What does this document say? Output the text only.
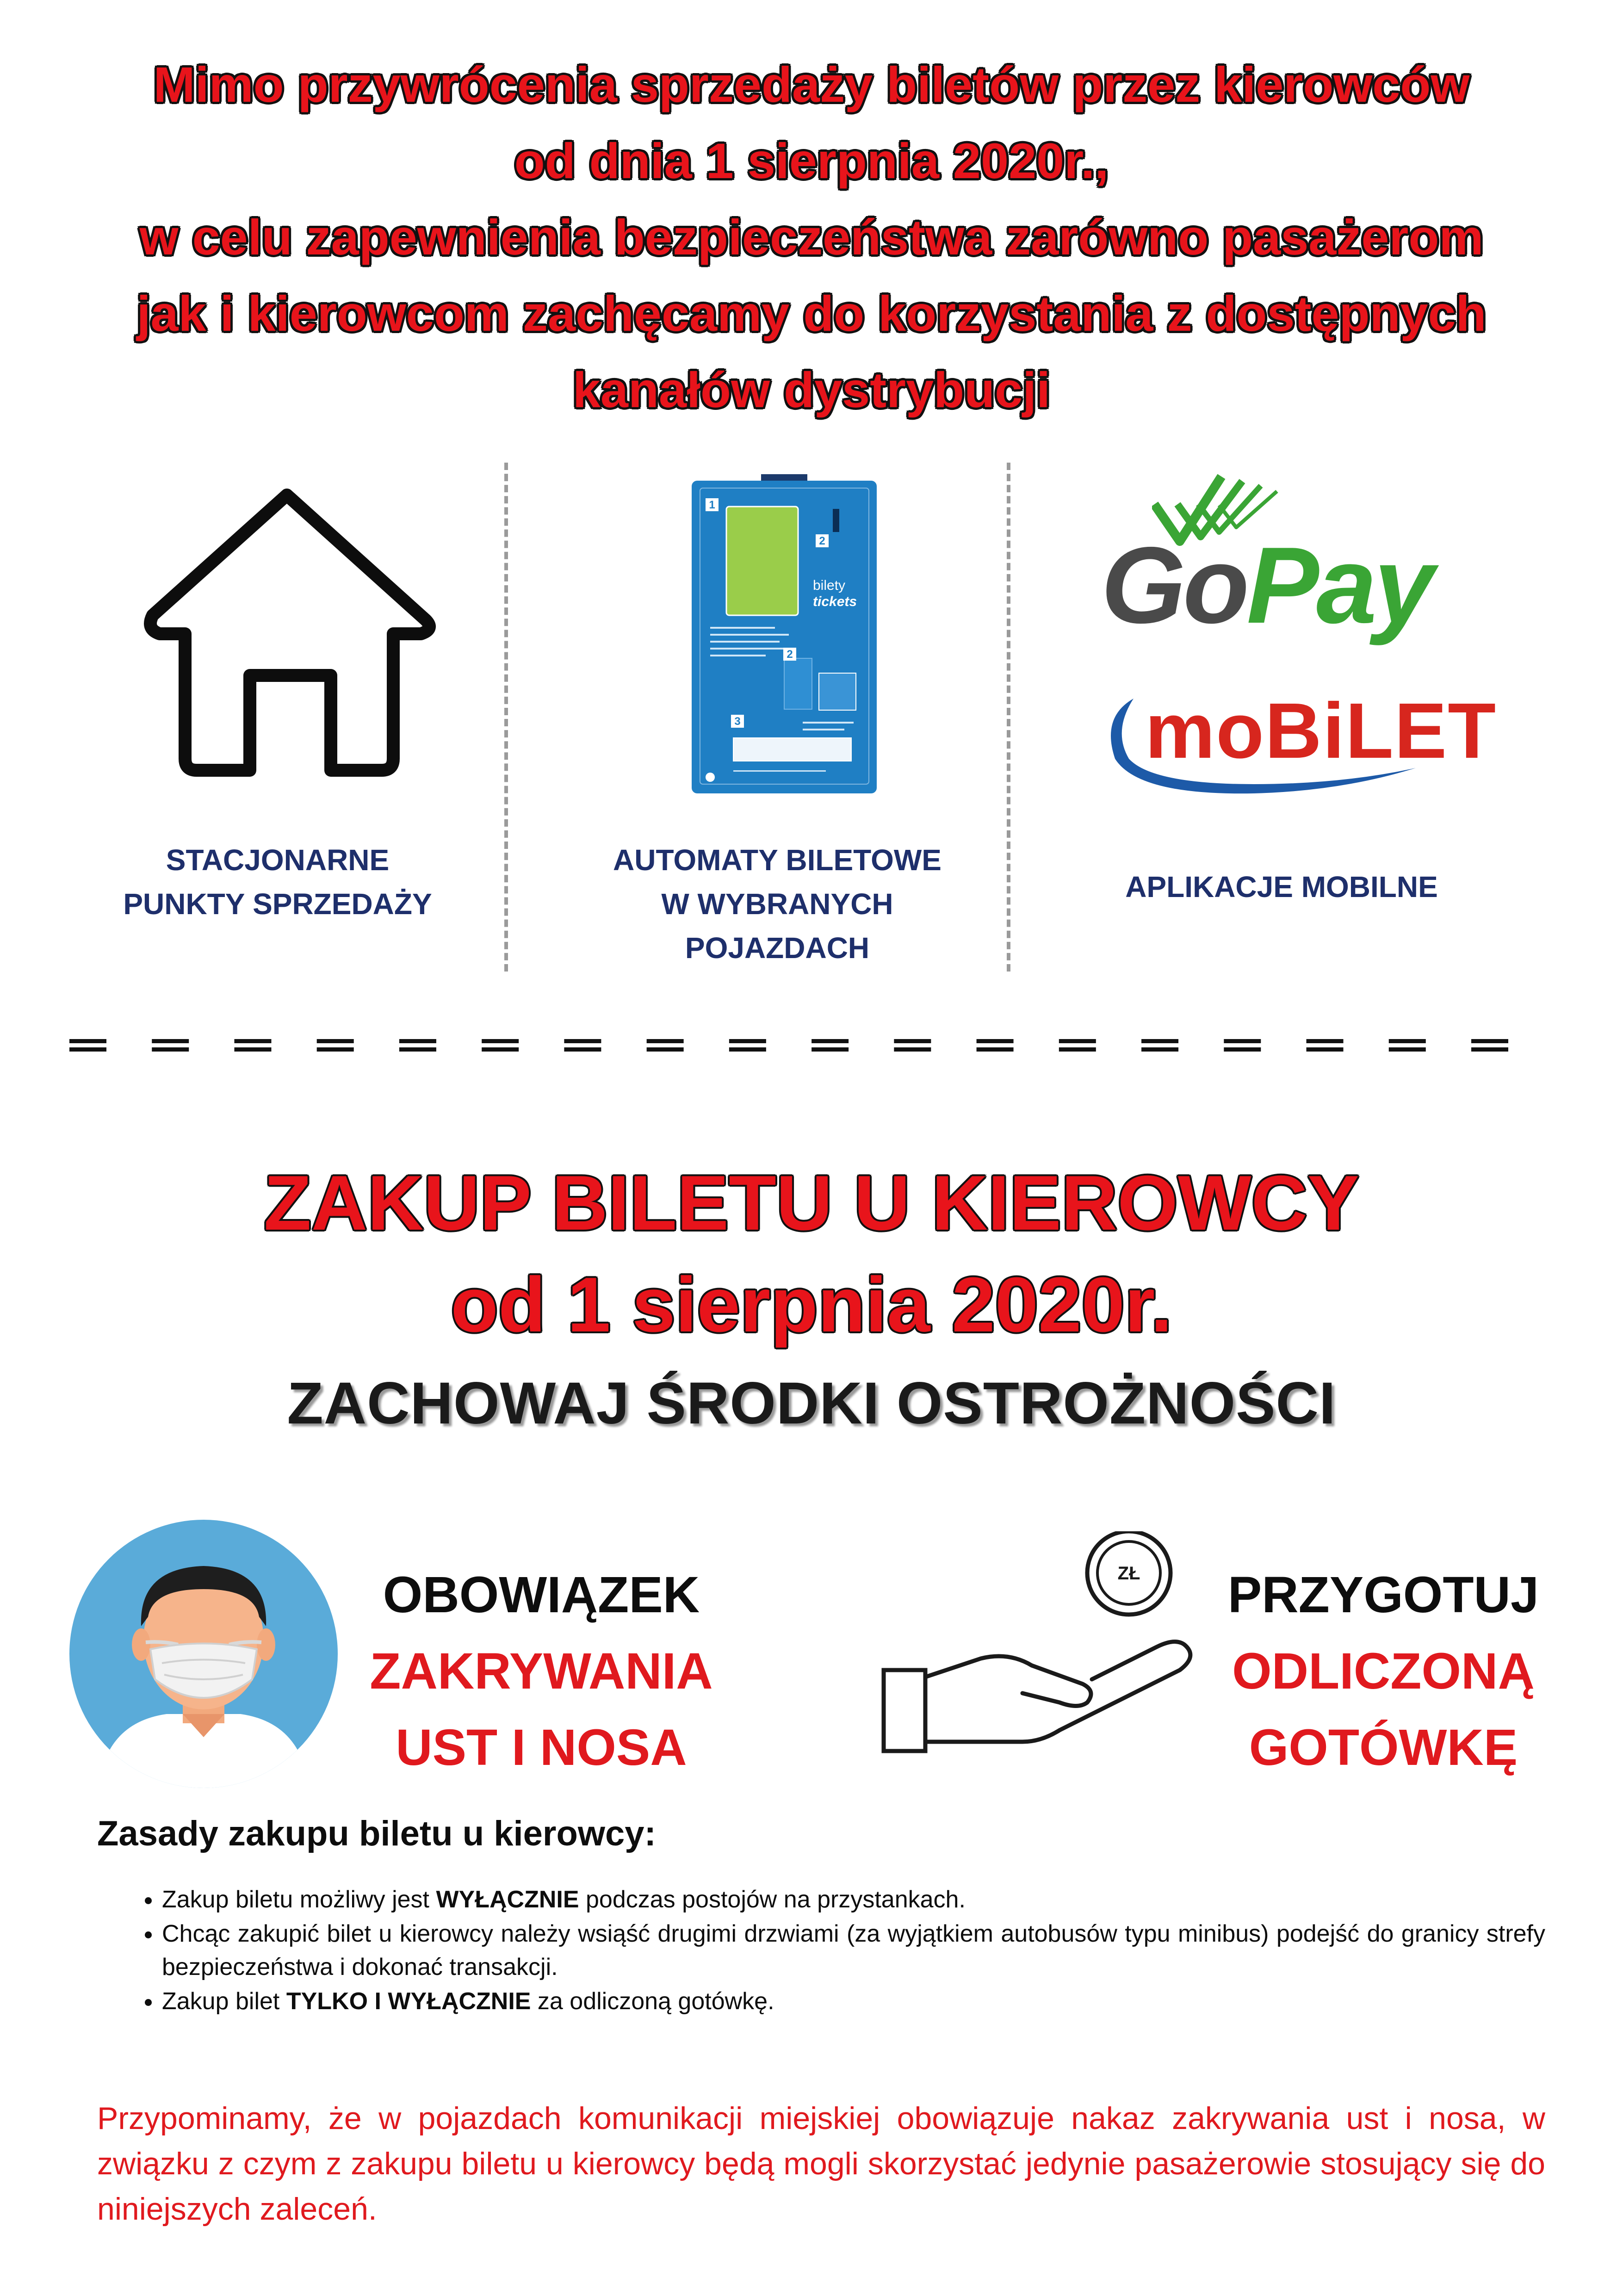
Mimo przywrócenia sprzedaży biletów przez kierowców
od dnia 1 sierpnia 2020r.,
w celu zapewnienia bezpieczeństwa zarówno pasażerom
jak i kierowcom zachęcamy do korzystania z dostępnych
kanałów dystrybucji
1
2
2
3
bilety
tickets GoPay
moBiLET
STACJONARNE
PUNKTY SPRZEDAŻY
AUTOMATY BILETOWE
W WYBRANYCH
POJAZDACH
APLIKACJE MOBILNE
ZAKUP BILETU U KIEROWCY
od 1 sierpnia 2020r.
ZACHOWAJ ŚRODKI OSTROŻNOŚCI
OBOWIĄZEK
ZAKRYWANIA
UST I NOSA
ZŁ	PRZYGOTUJ
ODLICZONĄ
GOTÓWKĘ
Zasady zakupu biletu u kierowcy:
• Zakup biletu możliwy jest WYŁĄCZNIE podczas postojów na przystankach.
• Chcąc zakupić bilet u kierowcy należy wsiąść drugimi drzwiami (za wyjątkiem autobusów typu minibus) podejść do granicy strefy bezpieczeństwa i dokonać transakcji.
• Zakup bilet TYLKO I WYŁĄCZNIE za odliczoną gotówkę.
Przypominamy, że w pojazdach komunikacji miejskiej obowiązuje nakaz zakrywania ust i nosa, w związku z czym z zakupu biletu u kierowcy będą mogli skorzystać jedynie pasażerowie stosujący się do niniejszych zaleceń.
